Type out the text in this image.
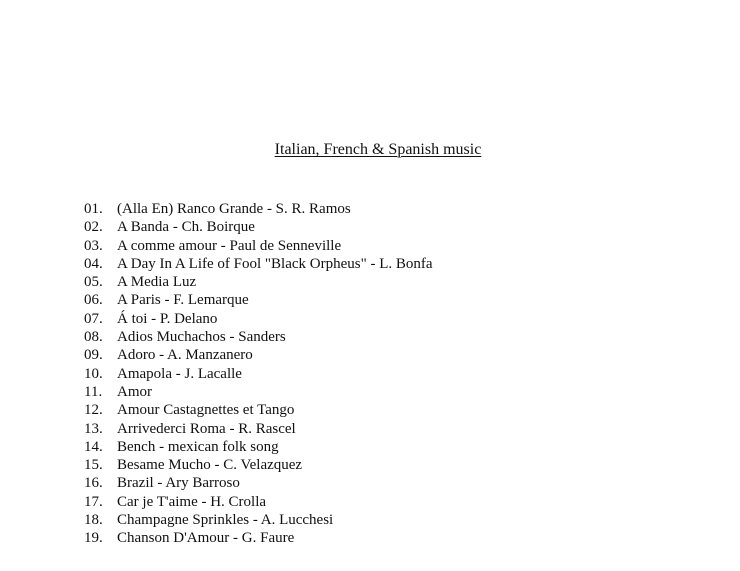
Italian, French & Spanish music
01. (Alla En) Ranco Grande - S. R. Ramos
02. A Banda - Ch. Boirque
03. A comme amour - Paul de Senneville
04. A Day In A Life of Fool "Black Orpheus" - L. Bonfa
05. A Media Luz
06. A Paris - F. Lemarque
07. Á toi - P. Delano
08. Adios Muchachos - Sanders
09. Adoro - A. Manzanero
10. Amapola - J. Lacalle
11. Amor
12. Amour Castagnettes et Tango
13. Arrivederci Roma - R. Rascel
14. Bench - mexican folk song
15. Besame Mucho - C. Velazquez
16. Brazil - Ary Barroso
17. Car je T'aime - H. Crolla
18. Champagne Sprinkles - A. Lucchesi
19. Chanson D'Amour - G. Faure
